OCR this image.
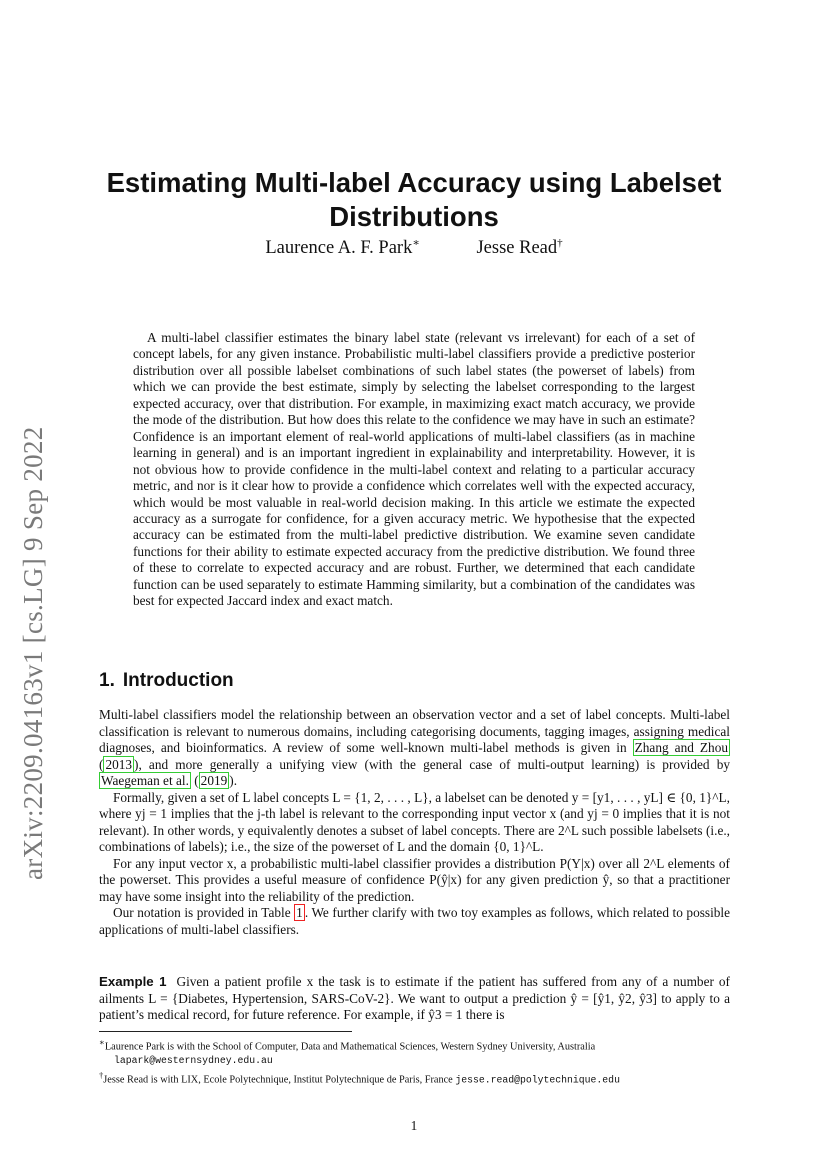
arXiv:2209.04163v1 [cs.LG] 9 Sep 2022
Estimating Multi-label Accuracy using Labelset Distributions
Laurence A. F. Park∗	Jesse Read†

A multi-label classifier estimates the binary label state (relevant vs irrelevant) for each of a set of concept labels, for any given instance. Probabilistic multi-label classifiers provide a predictive posterior distribution over all possible labelset combinations of such label states (the powerset of labels) from which we can provide the best estimate, simply by selecting the labelset corresponding to the largest expected accuracy, over that distribution. For example, in maximizing exact match accuracy, we provide the mode of the distribution. But how does this relate to the confidence we may have in such an estimate? Confidence is an important element of real-world applications of multi-label classifiers (as in machine learning in general) and is an important ingredient in explainability and interpretability. However, it is not obvious how to provide confidence in the multi-label context and relating to a particular accuracy metric, and nor is it clear how to provide a confidence which correlates well with the expected accuracy, which would be most valuable in real-world decision making. In this article we estimate the expected accuracy as a surrogate for confidence, for a given accuracy metric. We hypothesise that the expected accuracy can be estimated from the multi-label predictive distribution. We examine seven candidate functions for their ability to estimate expected accuracy from the predictive distribution. We found three of these to correlate to expected accuracy and are robust. Further, we determined that each candidate function can be used separately to estimate Hamming similarity, but a combination of the candidates was best for expected Jaccard index and exact match.

1. Introduction

Multi-label classifiers model the relationship between an observation vector and a set of label concepts. Multi-label classification is relevant to numerous domains, including categorising documents, tagging images, assigning medical diagnoses, and bioinformatics. A review of some well-known multi-label methods is given in Zhang and Zhou ( 2013 ), and more generally a unifying view (with the general case of multi-output learning) is provided by Waegeman et al. ( 2019 ).

Formally, given a set of L label concepts L = {1, 2, . . . , L}, a labelset can be denoted y = [y1, . . . , yL] ∈ {0, 1}^L, where yj = 1 implies that the j-th label is relevant to the corresponding input vector x (and yj = 0 implies that it is not relevant). In other words, y equivalently denotes a subset of label concepts. There are 2^L such possible labelsets (i.e., combinations of labels); i.e., the size of the powerset of L and the domain {0, 1}^L.

For any input vector x, a probabilistic multi-label classifier provides a distribution P(Y|x) over all 2^L elements of the powerset. This provides a useful measure of confidence P(ŷ|x) for any given prediction ŷ, so that a practitioner may have some insight into the reliability of the prediction.

Our notation is provided in Table 1 . We further clarify with two toy examples as follows, which related to possible applications of multi-label classifiers.

Example 1 Given a patient profile x the task is to estimate if the patient has suffered from any of a number of ailments L = {Diabetes, Hypertension, SARS-CoV-2}. We want to output a prediction ŷ = [ŷ1, ŷ2, ŷ3] to apply to a patient’s medical record, for future reference. For example, if ŷ3 = 1 there is

∗Laurence Park is with the School of Computer, Data and Mathematical Sciences, Western Sydney University, Australia

lapark@westernsydney.edu.au

†Jesse Read is with LIX, Ecole Polytechnique, Institut Polytechnique de Paris, France jesse.read@polytechnique.edu

1
